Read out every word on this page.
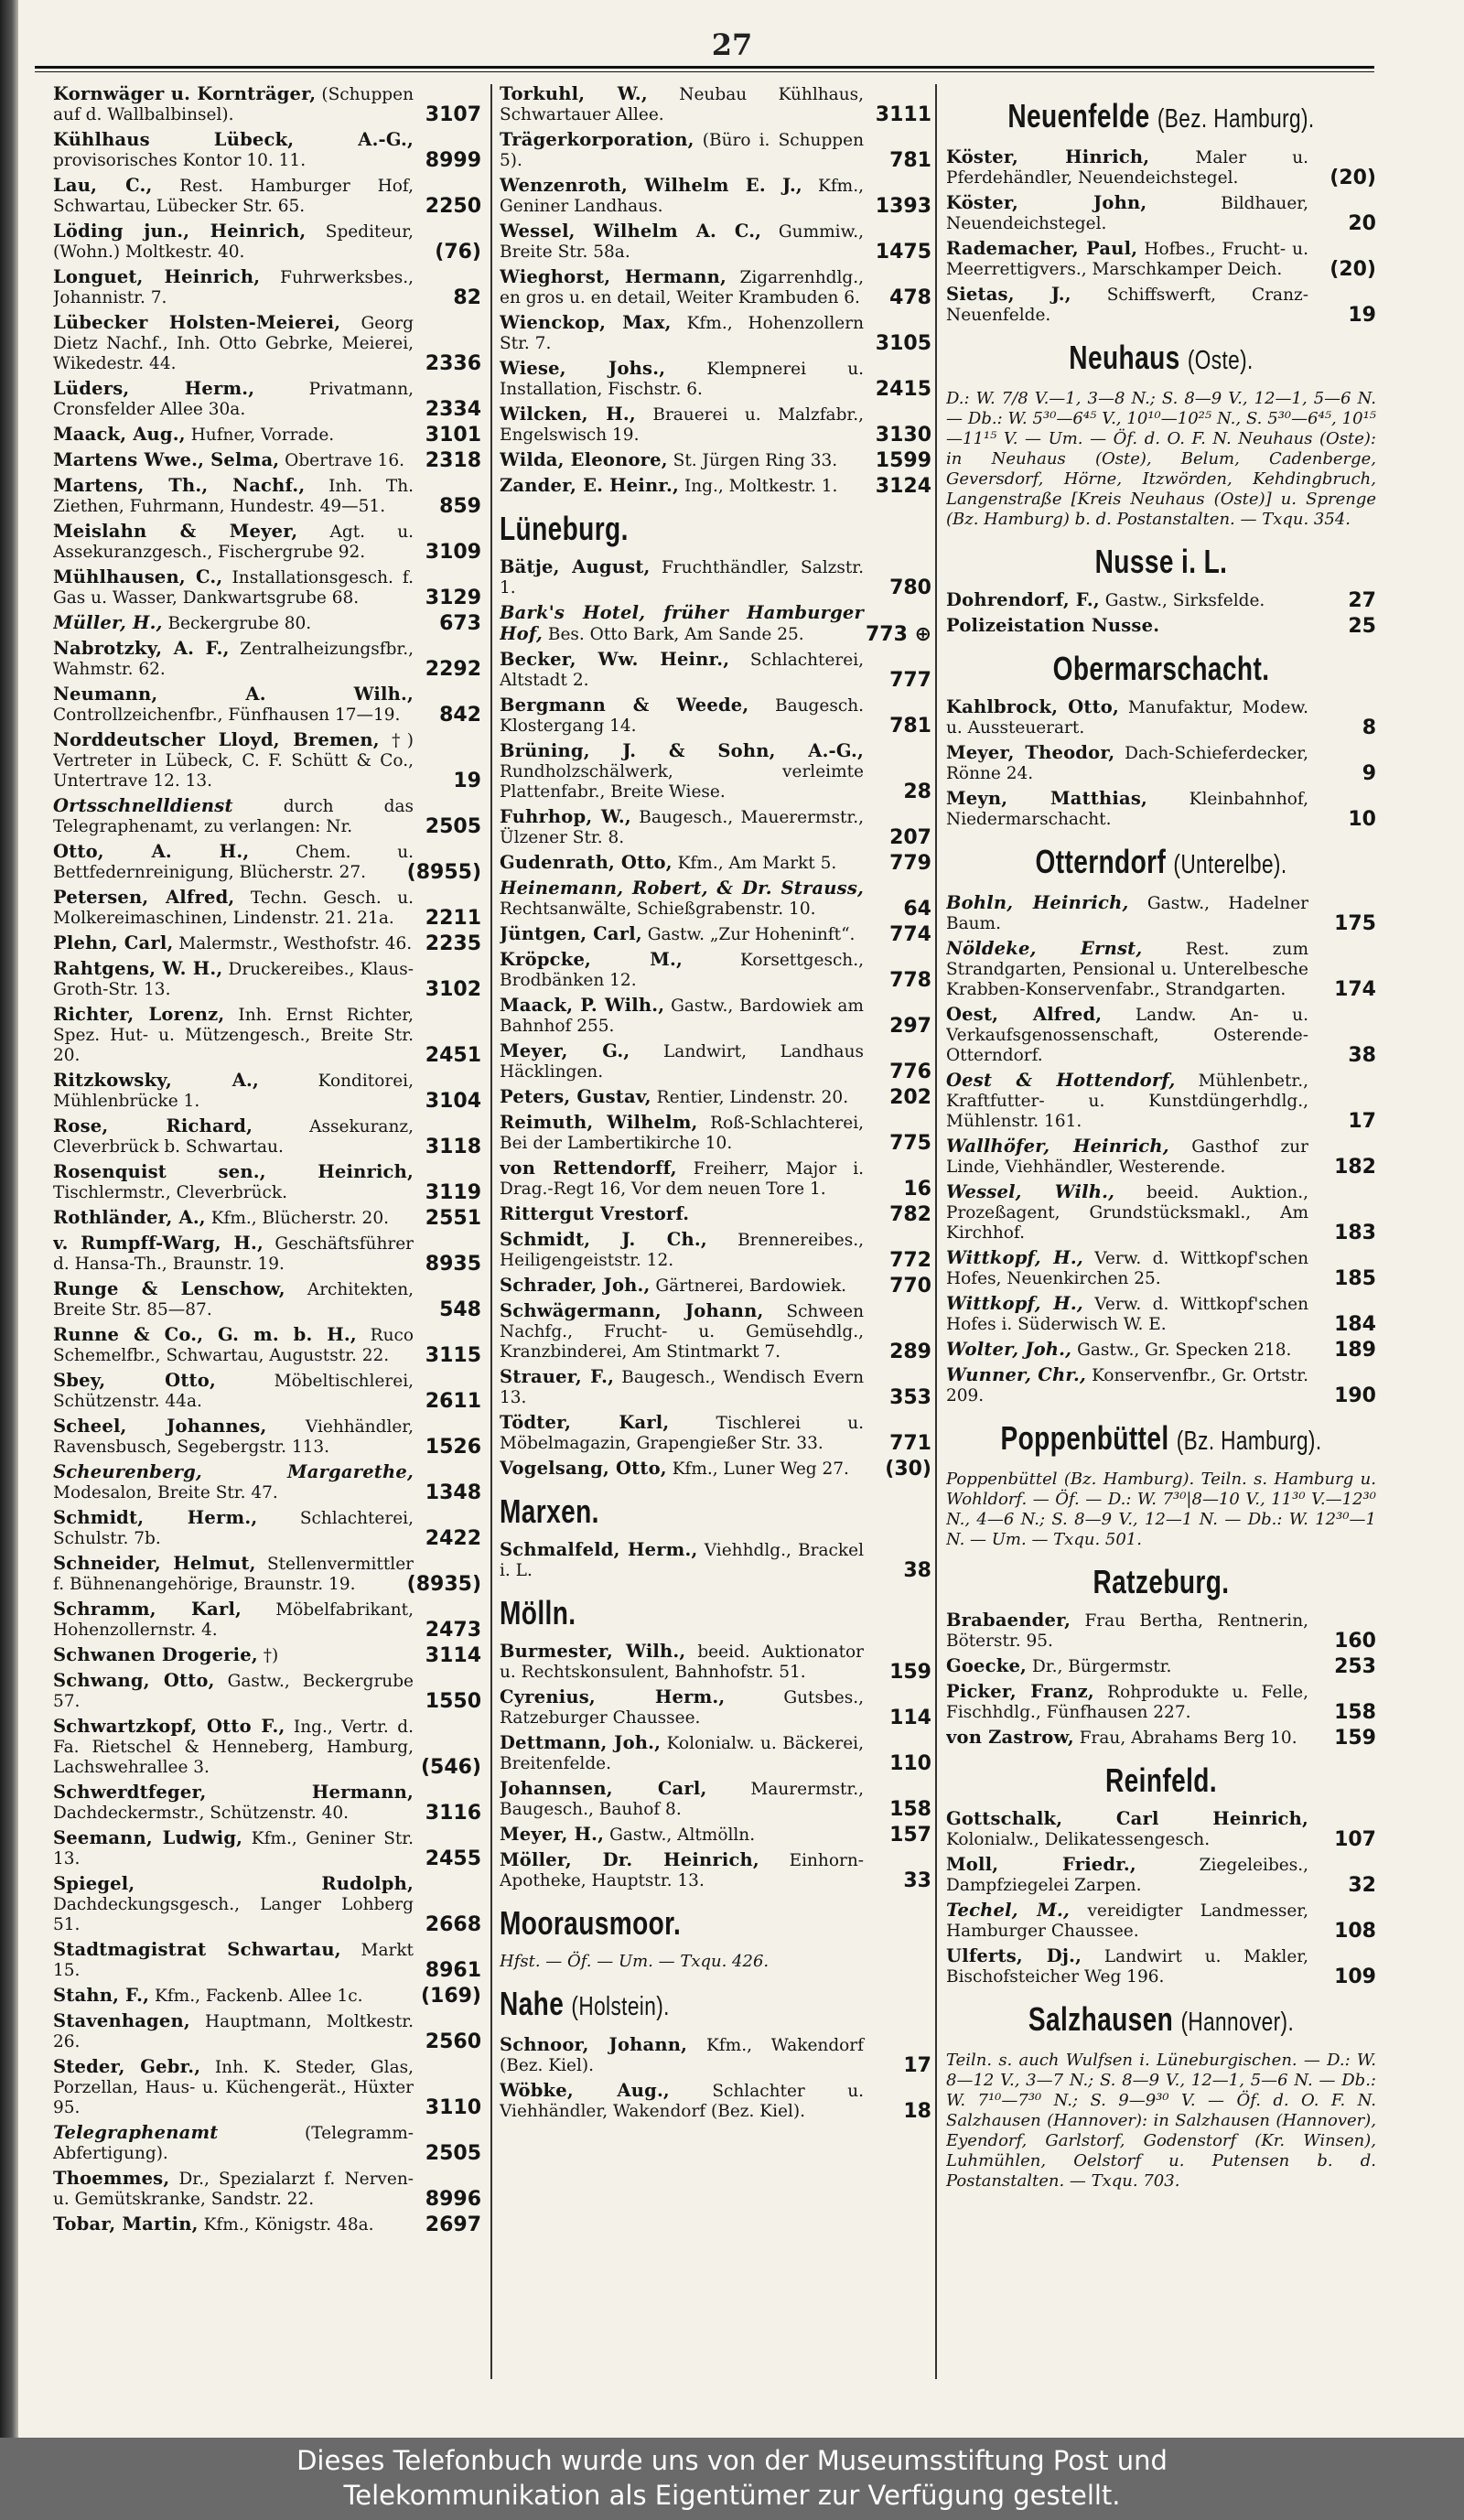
27
Kornwäger u. Kornträger, (Schuppen auf d. Wallbalbinsel).	3107
Kühlhaus Lübeck, A.-G., provisorisches Kontor 10. 11.	8999
Lau, C., Rest. Hamburger Hof, Schwartau, Lübecker Str. 65.	2250
Löding jun., Heinrich, Spediteur, (Wohn.) Moltkestr. 40.	(76)
Longuet, Heinrich, Fuhrwerksbes., Johannistr. 7.	82
Lübecker Holsten-Meierei, Georg Dietz Nachf., Inh. Otto Gebrke, Meierei, Wikedestr. 44.	2336
Lüders, Herm.,	Privatmann, Cronsfelder Allee 30a.	2334
Maack, Aug., Hufner, Vorrade.	3101
Martens Wwe., Selma, Obertrave 16. 2318
Martens, Th., Nachf., Inh. Th. Ziethen, Fuhrmann, Hundestr. 49—51.	859
Meislahn & Meyer, Agt. u. Assekuranzgesch., Fischergrube 92.	3109
Mühlhausen, C., Installationsgesch. f. Gas u. Wasser, Dankwartsgrube 68.	3129
Müller, H., Beckergrube 80.	673
Nabrotzky, A. F., Zentralheizungsfbr., Wahmstr. 62.	2292
Neumann, A. Wilh., Controllzeichenfbr., Fünfhausen 17—19. 842
Norddeutscher Lloyd, Bremen, †) Vertreter in Lübeck, C. F. Schütt & Co., Untertrave 12. 13.	19
Ortsschnelldienst	durch das Telegraphenamt, zu verlangen: Nr.	2505
Otto, A. H.,	Chem. u. Bettfedernreinigung, Blücherstr. 27. (8955)
Petersen, Alfred, Techn. Gesch. u. Molkereimaschinen, Lindenstr. 21. 21a. 2211
Plehn, Carl, Malermstr., Westhofstr. 46. 2235
Rahtgens, W. H., Druckereibes., Klaus-Groth-Str. 13.	3102
Richter, Lorenz, Inh. Ernst Richter, Spez. Hut- u. Mützengesch., Breite Str. 20.	2451
Ritzkowsky, A.,	Konditorei, Mühlenbrücke 1.	3104
Rose, Richard,	Assekuranz, Cleverbrück b. Schwartau.	3118
Rosenquist sen., Heinrich, Tischlermstr., Cleverbrück.	3119
Rothländer, A., Kfm., Blücherstr. 20. 2551
v. Rumpff-Warg, H., Geschäftsführer d. Hansa-Th., Braunstr. 19.	8935
Runge & Lenschow, Architekten, Breite Str. 85—87.	548
Runne & Co., G. m. b. H., Ruco Schemelfbr., Schwartau, Auguststr. 22. 3115
Sbey, Otto,	Möbeltischlerei, Schützenstr. 44a.	2611
Scheel, Johannes, Viehhändler, Ravensbusch, Segebergstr. 113.	1526
Scheurenberg, Margarethe, Modesalon, Breite Str. 47.	1348
Schmidt, Herm.,	Schlachterei, Schulstr. 7b.	2422
Schneider, Helmut, Stellenvermittler f. Bühnenangehörige, Braunstr. 19.	(8935)
Schramm, Karl, Möbelfabrikant, Hohenzollernstr. 4.	2473
Schwanen Drogerie, †)	3114
Schwang, Otto, Gastw., Beckergrube 57.	1550
Schwartzkopf, Otto F., Ing., Vertr. d. Fa. Rietschel & Henneberg, Hamburg, Lachswehrallee 3.	(546)
Schwerdtfeger, Hermann, Dachdeckermstr., Schützenstr. 40.	3116
Seemann, Ludwig, Kfm., Geniner Str. 13.	2455
Spiegel, Rudolph, Dachdeckungsgesch., Langer Lohberg 51.	2668
Stadtmagistrat Schwartau, Markt 15.	8961
Stahn, F., Kfm., Fackenb. Allee 1c.	(169)
Stavenhagen, Hauptmann, Moltkestr. 26.	2560
Steder, Gebr., Inh. K. Steder, Glas, Porzellan, Haus- u. Küchengerät., Hüxter 95.	3110
Telegraphenamt	(Telegramm-Abfertigung).	2505
Thoemmes, Dr., Spezialarzt f. Nerven- u. Gemütskranke, Sandstr. 22.	8996
Tobar, Martin, Kfm., Königstr. 48a.	2697
Torkuhl, W., Neubau Kühlhaus, Schwartauer Allee.	3111
Trägerkorporation, (Büro i. Schuppen 5).	781
Wenzenroth, Wilhelm E. J., Kfm., Geniner Landhaus.	1393
Wessel, Wilhelm A. C., Gummiw., Breite Str. 58a.	1475
Wieghorst, Hermann, Zigarrenhdlg., en gros u. en detail, Weiter Krambuden 6. 478
Wienckop, Max, Kfm., Hohenzollern Str. 7.	3105
Wiese, Johs., Klempnerei u. Installation, Fischstr. 6.	2415
Wilcken, H., Brauerei u. Malzfabr., Engelswisch 19.	3130
Wilda, Eleonore, St. Jürgen Ring 33. 1599
Zander, E. Heinr., Ing., Moltkestr. 1. 3124
Lüneburg.
Bätje, August, Fruchthändler, Salzstr. 1.	780
Bark's Hotel, früher Hamburger Hof, Bes. Otto Bark, Am Sande 25.	773 ⊕
Becker, Ww. Heinr., Schlachterei, Altstadt 2.	777
Bergmann & Weede, Baugesch. Klostergang 14.	781
Brüning, J. & Sohn, A.-G., Rundholzschälwerk, verleimte Plattenfabr., Breite Wiese.	28
Fuhrhop, W., Baugesch., Mauerermstr., Ülzener Str. 8.	207
Gudenrath, Otto, Kfm., Am Markt 5.	779
Heinemann, Robert, & Dr. Strauss, Rechtsanwälte, Schießgrabenstr. 10.	64
Jüntgen, Carl, Gastw. „Zur Hoheninft“. 774
Kröpcke, M.,	Korsettgesch., Brodbänken 12.	778
Maack, P. Wilh., Gastw., Bardowiek am Bahnhof 255.	297
Meyer, G., Landwirt, Landhaus Häcklingen.	776
Peters, Gustav, Rentier, Lindenstr. 20. 202
Reimuth, Wilhelm, Roß-Schlachterei, Bei der Lambertikirche 10.	775
von Rettendorff, Freiherr, Major i. Drag.-Regt 16, Vor dem neuen Tore 1.	16
Rittergut Vrestorf.	782
Schmidt, J. Ch., Brennereibes., Heiligengeiststr. 12.	772
Schrader, Joh., Gärtnerei, Bardowiek. 770
Schwägermann, Johann, Schween Nachfg., Frucht- u. Gemüsehdlg., Kranzbinderei, Am Stintmarkt 7.	289
Strauer, F., Baugesch., Wendisch Evern 13.	353
Tödter, Karl,	Tischlerei u. Möbelmagazin, Grapengießer Str. 33.	771
Vogelsang, Otto, Kfm., Luner Weg 27. (30)
Marxen.
Schmalfeld, Herm., Viehhdlg., Brackel i. L.	38
Mölln.
Burmester, Wilh., beeid. Auktionator u. Rechtskonsulent, Bahnhofstr. 51.	159
Cyrenius, Herm.,	Gutsbes., Ratzeburger Chaussee.	114
Dettmann, Joh., Kolonialw. u. Bäckerei, Breitenfelde.	110
Johannsen, Carl,	Maurermstr., Baugesch., Bauhof 8.	158
Meyer, H., Gastw., Altmölln.	157
Möller, Dr. Heinrich, Einhorn-Apotheke, Hauptstr. 13.	33
Moorausmoor.
Hfst. — Öf. — Um. — Txqu. 426.
Nahe (Holstein).
Schnoor, Johann, Kfm., Wakendorf (Bez. Kiel).	17
Wöbke, Aug.,	Schlachter u. Viehhändler, Wakendorf (Bez. Kiel).	18
Neuenfelde (Bez. Hamburg).
Köster, Hinrich,	Maler u. Pferdehändler, Neuendeichstegel.	(20)
Köster, John,	Bildhauer, Neuendeichstegel.	20
Rademacher, Paul, Hofbes., Frucht- u. Meerrettigvers., Marschkamper Deich. (20)
Sietas, J., Schiffswerft, Cranz-Neuenfelde.	19
Neuhaus (Oste).
D.: W. 7/8 V.—1, 3—8 N.; S. 8—9 V., 12—1, 5—6 N. — Db.: W. 5³⁰—6⁴⁵ V., 10¹⁰—10²⁵ N., S. 5³⁰—6⁴⁵, 10¹⁵—11¹⁵ V. — Um. — Öf. d. O. F. N. Neuhaus (Oste): in Neuhaus (Oste), Belum, Cadenberge, Geversdorf, Hörne, Itzwörden, Kehdingbruch, Langenstraße [Kreis Neuhaus (Oste)] u. Sprenge (Bz. Hamburg) b. d. Postanstalten. — Txqu. 354.
Nusse i. L.
Dohrendorf, F., Gastw., Sirksfelde.	27
Polizeistation Nusse.	25
Obermarschacht.
Kahlbrock, Otto, Manufaktur, Modew. u. Aussteuerart.	8
Meyer, Theodor, Dach-Schieferdecker, Rönne 24.	9
Meyn, Matthias, Kleinbahnhof, Niedermarschacht.	10
Otterndorf (Unterelbe).
Bohln, Heinrich, Gastw., Hadelner Baum.	175
Nöldeke, Ernst,	Rest. zum Strandgarten, Pensional u. Unterelbesche Krabben-Konservenfabr., Strandgarten. 174
Oest, Alfred, Landw. An- u. Verkaufsgenossenschaft, Osterende-Otterndorf.	38
Oest & Hottendorf, Mühlenbetr., Kraftfutter- u. Kunstdüngerhdlg., Mühlenstr. 161.	17
Wallhöfer, Heinrich, Gasthof zur Linde, Viehhändler, Westerende.	182
Wessel, Wilh., beeid. Auktion., Prozeßagent, Grundstücksmakl., Am Kirchhof.	183
Wittkopf, H., Verw. d. Wittkopf'schen Hofes, Neuenkirchen 25.	185
Wittkopf, H., Verw. d. Wittkopf'schen Hofes i. Süderwisch W. E.	184
Wolter, Joh., Gastw., Gr. Specken 218. 189
Wunner, Chr., Konservenfbr., Gr. Ortstr. 209.	190
Poppenbüttel (Bz. Hamburg).
Poppenbüttel (Bz. Hamburg). Teiln. s. Hamburg u. Wohldorf. — Öf. — D.: W. 7³⁰|8—10 V., 11³⁰ V.—12³⁰ N., 4—6 N.; S. 8—9 V., 12—1 N. — Db.: W. 12³⁰—1 N. — Um. — Txqu. 501.
Ratzeburg.
Brabaender, Frau Bertha, Rentnerin, Böterstr. 95.	160
Goecke, Dr., Bürgermstr.	253
Picker, Franz, Rohprodukte u. Felle, Fischhdlg., Fünfhausen 227.	158
von Zastrow, Frau, Abrahams Berg 10. 159
Reinfeld.
Gottschalk, Carl Heinrich, Kolonialw., Delikatessengesch.	107
Moll, Friedr.,	Ziegeleibes., Dampfziegelei Zarpen.	32
Techel, M., vereidigter Landmesser, Hamburger Chaussee.	108
Ulferts, Dj., Landwirt u. Makler, Bischofsteicher Weg 196.	109
Salzhausen (Hannover).
Teiln. s. auch Wulfsen i. Lüneburgischen. — D.: W. 8—12 V., 3—7 N.; S. 8—9 V., 12—1, 5—6 N. — Db.: W. 7¹⁰—7³⁰ N.; S. 9—9³⁰ V. — Öf. d. O. F. N. Salzhausen (Hannover): in Salzhausen (Hannover), Eyendorf, Garlstorf, Godenstorf (Kr. Winsen), Luhmühlen, Oelstorf u. Putensen b. d. Postanstalten. — Txqu. 703.
Dieses Telefonbuch wurde uns von der Museumsstiftung Post und
Telekommunikation als Eigentümer zur Verfügung gestellt.
